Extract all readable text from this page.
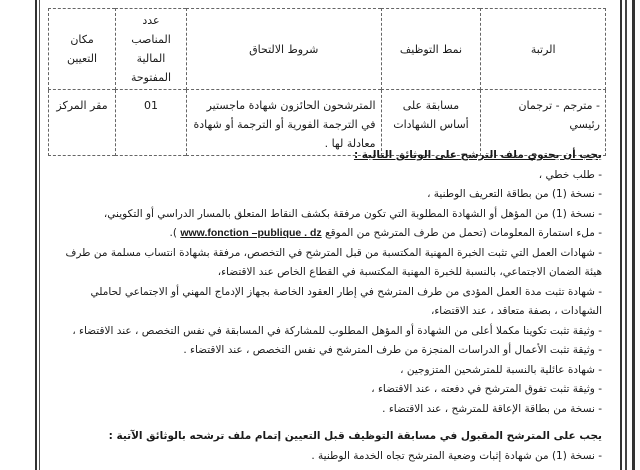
الرتبة	نمط التوظيف	شروط الالتحاق	عدد المناصب المالية المفتوحة	مكان التعيين
- مترجم - ترجمان رئيسي	مسابقة على أساس الشهادات	المترشحون الحائزون شهادة ماجستير في الترجمة الفورية أو الترجمة أو شهادة معادلة لها .	01	مقر المركز

يجب أن يحتوي ملف الترشح على الوثائق التالية :

- طلب خطي ،

- نسخة (1) من بطاقة التعريف الوطنية ،

- نسخة (1) من المؤهل أو الشهادة المطلوبة التي تكون مرفقة بكشف النقاط المتعلق بالمسار الدراسي أو التكويني،

- ملء استمارة المعلومات (تحمل من طرف المترشح من الموقع www.fonction –publique . dz ).

- شهادات العمل التي تثبت الخبرة المهنية المكتسبة من قبل المترشح في التخصص، مرفقة بشهادة انتساب مسلمة من طرف هيئة الضمان الاجتماعي، بالنسبة للخبرة المهنية المكتسبة في القطاع الخاص عند الاقتضاء،

- شهادة تثبت مدة العمل المؤدى من طرف المترشح في إطار العقود الخاصة بجهاز الإدماج المهني أو الاجتماعي لحاملي الشهادات ، بصفة متعاقد ، عند الاقتضاء،

- وثيقة تثبت تكوينا مكملا أعلى من الشهادة أو المؤهل المطلوب للمشاركة في المسابقة في نفس التخصص ، عند الاقتضاء ،

- وثيقة تثبت الأعمال أو الدراسات المنجزة من طرف المترشح في نفس التخصص ، عند الاقتضاء .

- شهادة عائلية بالنسبة للمترشحين المتزوجين ،

- وثيقة تثبت تفوق المترشح في دفعته ، عند الاقتضاء ،

- نسخة من بطاقة الإعاقة للمترشح ، عند الاقتضاء .

يجب على المترشح المقبول في مسابقة التوظيف قبل التعيين إتمام ملف ترشحه بالوثائق الآتية :

- نسخة (1) من شهادة إثبات وضعية المترشح تجاه الخدمة الوطنية .
